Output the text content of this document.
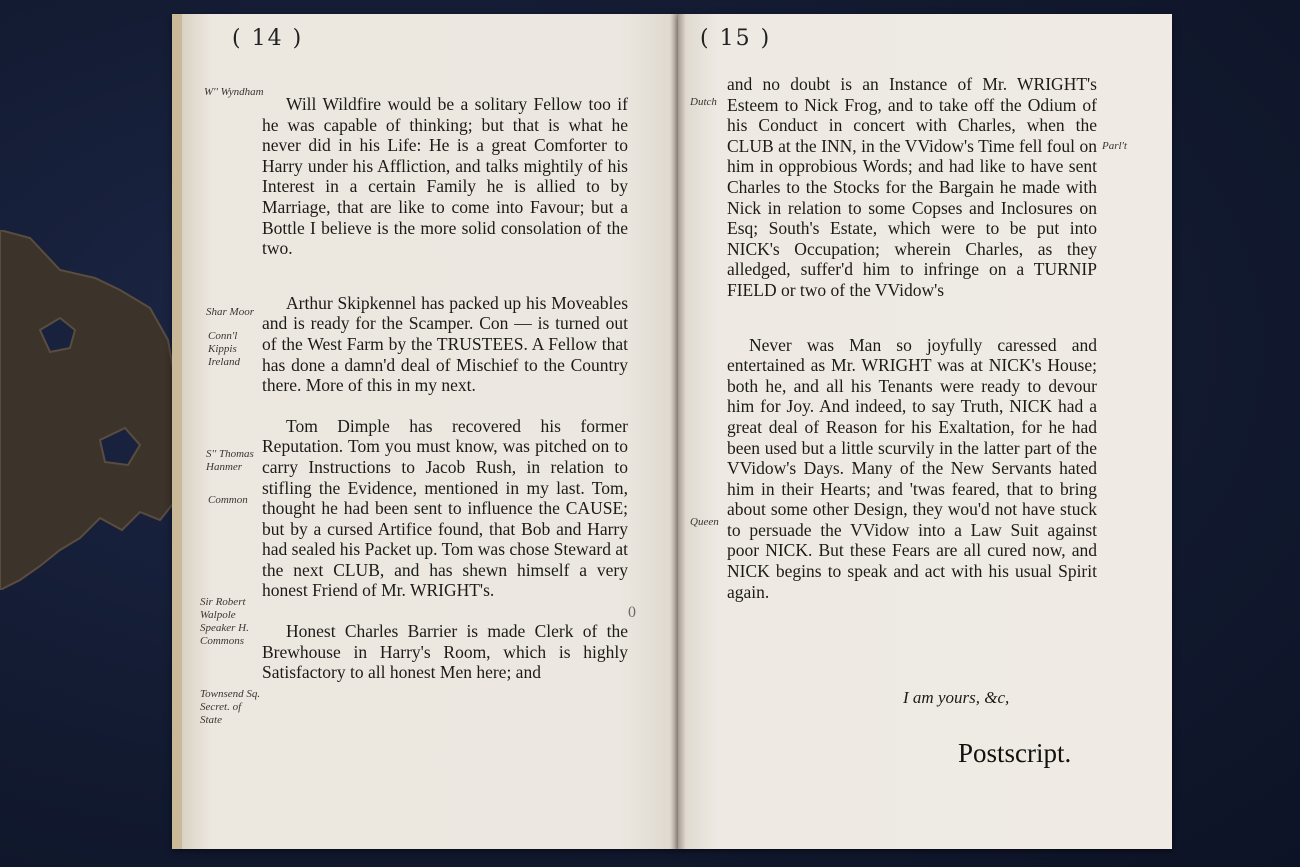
( 14 )

Will Wildfire would be a solitary Fellow too if he was capable of thinking; but that is what he never did in his Life: He is a great Comforter to Harry under his Affliction, and talks mightily of his Interest in a certain Family he is allied to by Marriage, that are like to come into Favour; but a Bottle I believe is the more solid consolation of the two.

Arthur Skipkennel has packed up his Moveables and is ready for the Scamper. Con — is turned out of the West Farm by the TRUSTEES. A Fellow that has done a damn'd deal of Mischief to the Country there. More of this in my next.

Tom Dimple has recovered his former Reputation. Tom you must know, was pitched on to carry Instructions to Jacob Rush, in relation to stifling the Evidence, mentioned in my last. Tom, thought he had been sent to influence the CAUSE; but by a cursed Artifice found, that Bob and Harry had sealed his Packet up. Tom was chose Steward at the next CLUB, and has shewn himself a very honest Friend of Mr. WRIGHT's.

Honest Charles Barrier is made Clerk of the Brewhouse in Harry's Room, which is highly Satisfactory to all honest Men here; and

W'' Wyndham
Shar Moor
Conn'l Kippis Ireland
S'' Thomas Hanmer
Common
Sir Robert Walpole Speaker H. Commons
Townsend Sq. Secret. of State
0
( 15 )

and no doubt is an Instance of Mr. WRIGHT's Esteem to Nick Frog, and to take off the Odium of his Conduct in concert with Charles, when the CLUB at the INN, in the VVidow's Time fell foul on him in opprobious Words; and had like to have sent Charles to the Stocks for the Bargain he made with Nick in relation to some Copses and Inclosures on Esq; South's Estate, which were to be put into NICK's Occupation; wherein Charles, as they alledged, suffer'd him to infringe on a TURNIP FIELD or two of the VVidow's

Never was Man so joyfully caressed and entertained as Mr. WRIGHT was at NICK's House; both he, and all his Tenants were ready to devour him for Joy. And indeed, to say Truth, NICK had a great deal of Reason for his Exaltation, for he had been used but a little scurvily in the latter part of the VVidow's Days. Many of the New Servants hated him in their Hearts; and 'twas feared, that to bring about some other Design, they wou'd not have stuck to persuade the VVidow into a Law Suit against poor NICK. But these Fears are all cured now, and NICK begins to speak and act with his usual Spirit again.

I am yours, &c,
Postscript.
Dutch
Parl't
Queen
